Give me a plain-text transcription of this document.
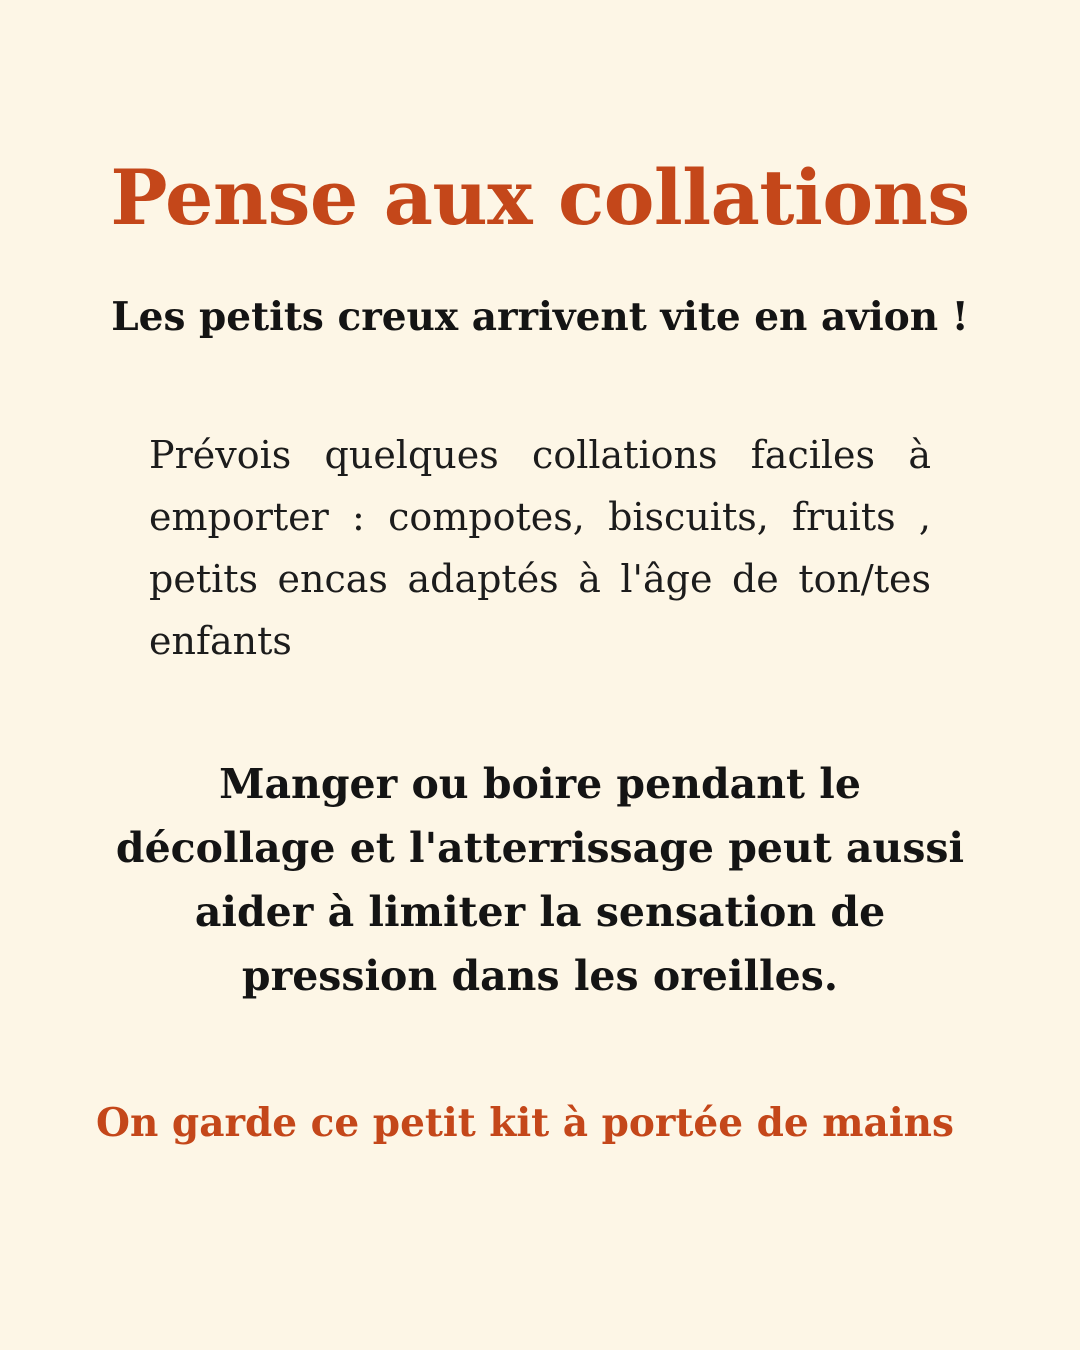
Pense aux collations

Les petits creux arrivent vite en avion !

Prévois quelques collations faciles à emporter : compotes, biscuits, fruits , petits encas adaptés à l'âge de ton/tes enfants

Manger ou boire pendant le décollage et l'atterrissage peut aussi aider à limiter la sensation de pression dans les oreilles.

On garde ce petit kit à portée de mains
